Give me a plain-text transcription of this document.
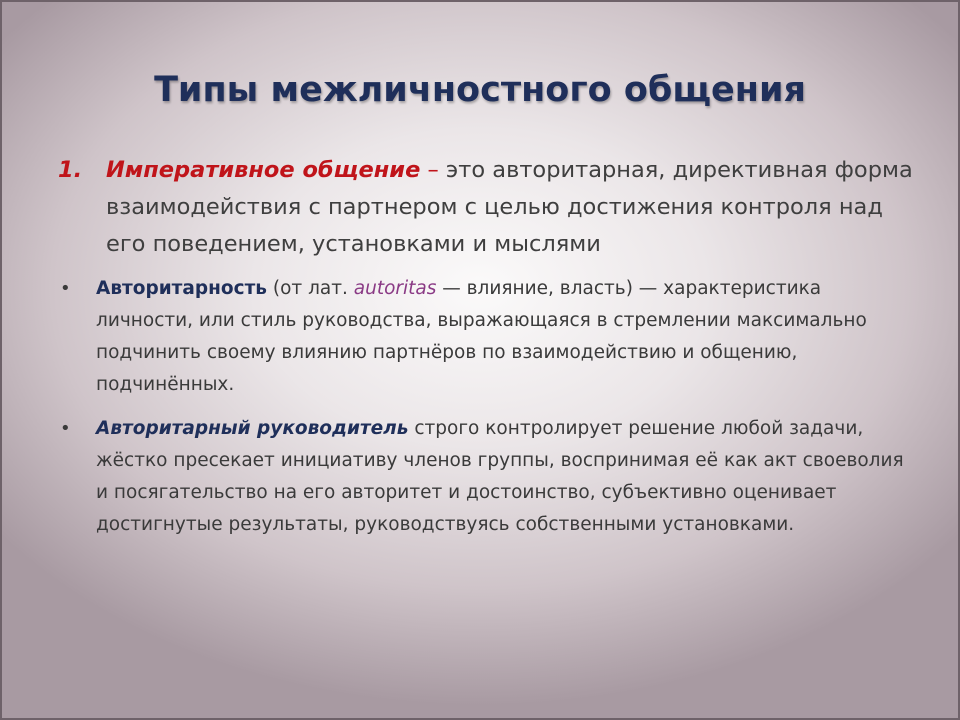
Типы межличностного общения
1. Императивное общение – это авторитарная, директивная форма взаимодействия с партнером с целью достижения контроля над его поведением, установками и мыслями
• Авторитарность (от лат. autoritas — влияние, власть) — характеристика личности, или стиль руководства, выражающаяся в стремлении максимально подчинить своему влиянию партнёров по взаимодействию и общению, подчинённых.
• Авторитарный руководитель строго контролирует решение любой задачи, жёстко пресекает инициативу членов группы, воспринимая её как акт своеволия и посягательство на его авторитет и достоинство, субъективно оценивает достигнутые результаты, руководствуясь собственными установками.
